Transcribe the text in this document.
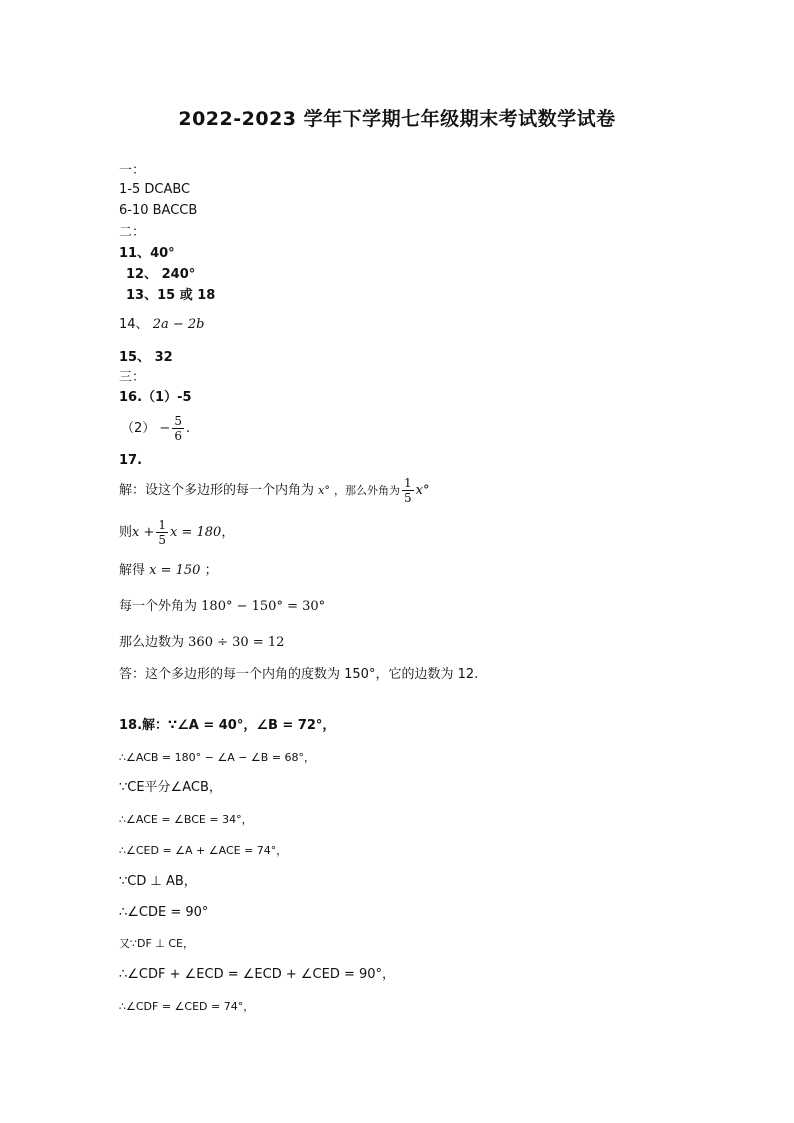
2022-2023 学年下学期七年级期末考试数学试卷
一：
1-5 DCABC
6-10 BACCB
二：
11、40°
12、 240°
13、15 或 18
14、 2a − 2b
15、 32
三：
16.（1）-5
$(2) - \frac{5}{6}$ .
17.
解：设这个多边形的每一个内角为 x° ，那么外角为 $\frac{1}{5} x^\circ$
则$x + \frac{1}{5}$ x = 180，
解得 x = 150 ；
每一个外角为 180° − 150° = 30°
那么边数为 360 ÷ 30 = 12
答：这个多边形的每一个内角的度数为 150°，它的边数为 12.
18.解：∵∠A = 40°，∠B = 72°，
∴∠ACB = 180° − ∠A − ∠B = 68°，
∵CE平分∠ACB，
∴∠ACE = ∠BCE = 34°，
∴∠CED = ∠A + ∠ACE = 74°，
∵CD ⊥ AB，
∴∠CDE = 90°
又∵DF ⊥ CE，
∴∠CDF + ∠ECD = ∠ECD + ∠CED = 90°，
∴∠CDF = ∠CED = 74°，
